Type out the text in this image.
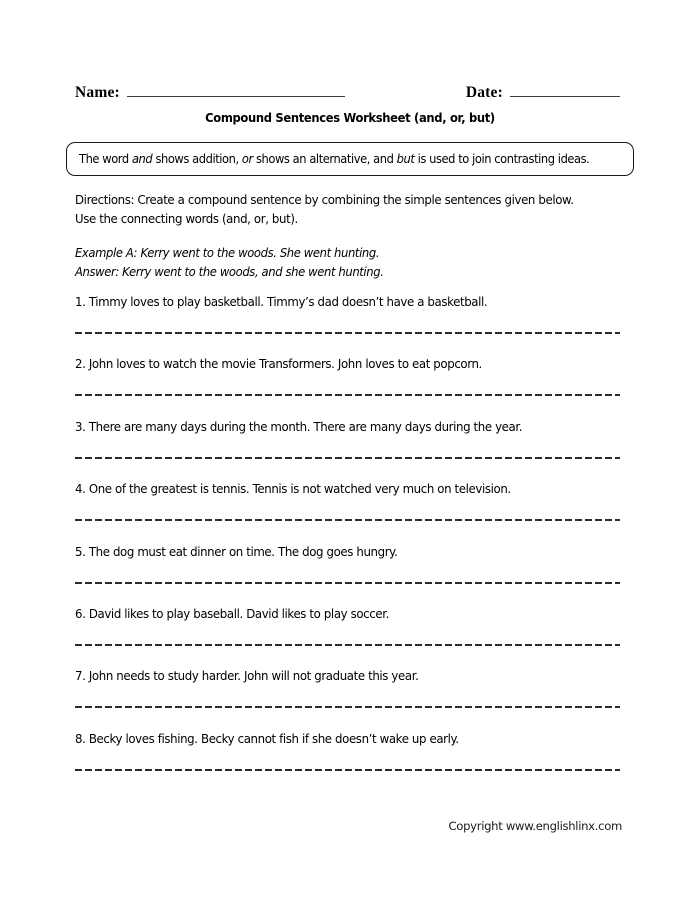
Name:	Date:
Compound Sentences Worksheet (and, or, but)
The word and shows addition, or shows an alternative, and but is used to join contrasting ideas.
Directions: Create a compound sentence by combining the simple sentences given below. Use the connecting words (and, or, but).
Example A: Kerry went to the woods. She went hunting.
Answer: Kerry went to the woods, and she went hunting.
1. Timmy loves to play basketball. Timmy’s dad doesn’t have a basketball.
2. John loves to watch the movie Transformers. John loves to eat popcorn.
3. There are many days during the month. There are many days during the year.
4. One of the greatest is tennis. Tennis is not watched very much on television.
5. The dog must eat dinner on time. The dog goes hungry.
6. David likes to play baseball. David likes to play soccer.
7. John needs to study harder. John will not graduate this year.
8. Becky loves fishing. Becky cannot fish if she doesn’t wake up early.
Copyright www.englishlinx.com
